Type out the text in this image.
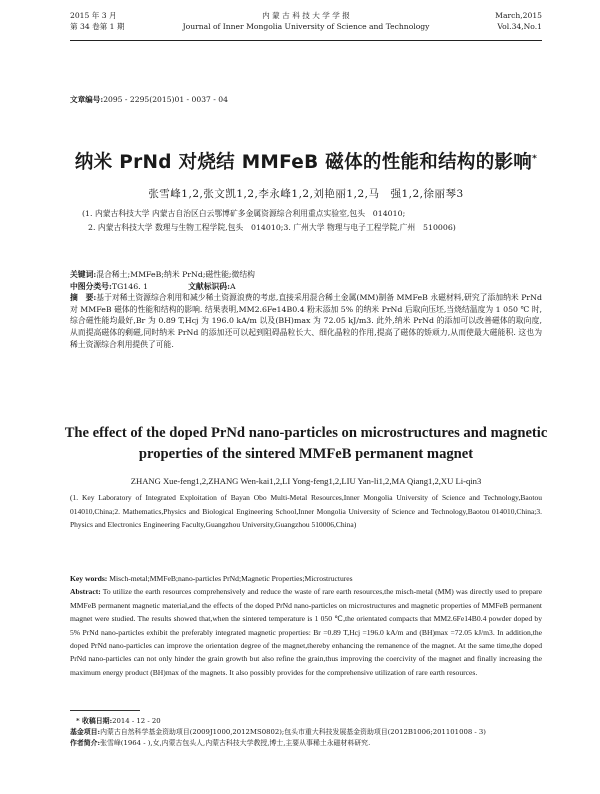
2015 年 3 月
第 34 卷第 1 期
内 蒙 古 科 技 大 学 学 报
Journal of Inner Mongolia University of Science and Technology
March,2015
Vol.34,No.1
文章编号:2095 - 2295(2015)01 - 0037 - 04
纳米 PrNd 对烧结 MMFeB 磁体的性能和结构的影响*
张雪峰1,2,张文凯1,2,李永峰1,2,刘艳丽1,2,马　强1,2,徐丽琴3
(1. 内蒙古科技大学 内蒙古自治区白云鄂博矿多金属资源综合利用重点实验室,包头　014010;
2. 内蒙古科技大学 数理与生物工程学院,包头　014010;3. 广州大学 物理与电子工程学院,广州　510006)
关键词:混合稀土;MMFeB;纳米 PrNd;磁性能;微结构
中图分类号:TG146. 1	文献标识码:A
摘　要:基于对稀土资源综合利用和减少稀土资源浪费的考虑,直接采用混合稀土金属(MM)制备 MMFeB 永磁材料,研究了添加纳米 PrNd 对 MMFeB 磁体的性能和结构的影响. 结果表明,MM2.6Fe14B0.4 粉末添加 5% 的纳米 PrNd 后取向压坯,当烧结温度为 1 050 ℃ 时,综合磁性能均最好,Br 为 0.89 T,Hcj 为 196.0 kA/m 以及(BH)max 为 72.05 kJ/m3. 此外,纳米 PrNd 的添加可以改善磁体的取向度,从而提高磁体的剩磁,同时纳米 PrNd 的添加还可以起到阻碍晶粒长大、细化晶粒的作用,提高了磁体的矫顽力,从而使最大磁能积. 这也为稀土资源综合利用提供了可能.
The effect of the doped PrNd nano-particles on microstructures and magnetic properties of the sintered MMFeB permanent magnet
ZHANG Xue-feng1,2,ZHANG Wen-kai1,2,LI Yong-feng1,2,LIU Yan-li1,2,MA Qiang1,2,XU Li-qin3
(1. Key Laboratory of Integrated Exploitation of Bayan Obo Multi-Metal Resources,Inner Mongolia University of Science and Technology,Baotou 014010,China;2. Mathematics,Physics and Biological Engineering School,Inner Mongolia University of Science and Technology,Baotou 014010,China;3. Physics and Electronics Engineering Faculty,Guangzhou University,Guangzhou 510006,China)
Key words: Misch-metal;MMFeB;nano-particles PrNd;Magnetic Properties;Microstructures
Abstract: To utilize the earth resources comprehensively and reduce the waste of rare earth resources,the misch-metal (MM) was directly used to prepare MMFeB permanent magnetic material,and the effects of the doped PrNd nano-particles on microstructures and magnetic properties of MMFeB permanent magnet were studied. The results showed that,when the sintered temperature is 1 050 ℃,the orientated compacts that MM2.6Fe14B0.4 powder doped by 5% PrNd nano-particles exhibit the preferably integrated magnetic properties: Br =0.89 T,Hcj =196.0 kA/m and (BH)max =72.05 kJ/m3. In addition,the doped PrNd nano-particles can improve the orientation degree of the magnet,thereby enhancing the remanence of the magnet. At the same time,the doped PrNd nano-particles can not only hinder the grain growth but also refine the grain,thus improving the coercivity of the magnet and finally increasing the maximum energy product (BH)max of the magnets. It also possibly provides for the comprehensive utilization of rare earth resources.
* 收稿日期:2014 - 12 - 20
基金项目:内蒙古自然科学基金资助项目(2009J1000,2012MS0802);包头市重大科技发展基金资助项目(2012B1006;201101008 - 3)
作者简介:张雪峰(1964 - ),女,内蒙古包头人,内蒙古科技大学教授,博士,主要从事稀土永磁材料研究.
